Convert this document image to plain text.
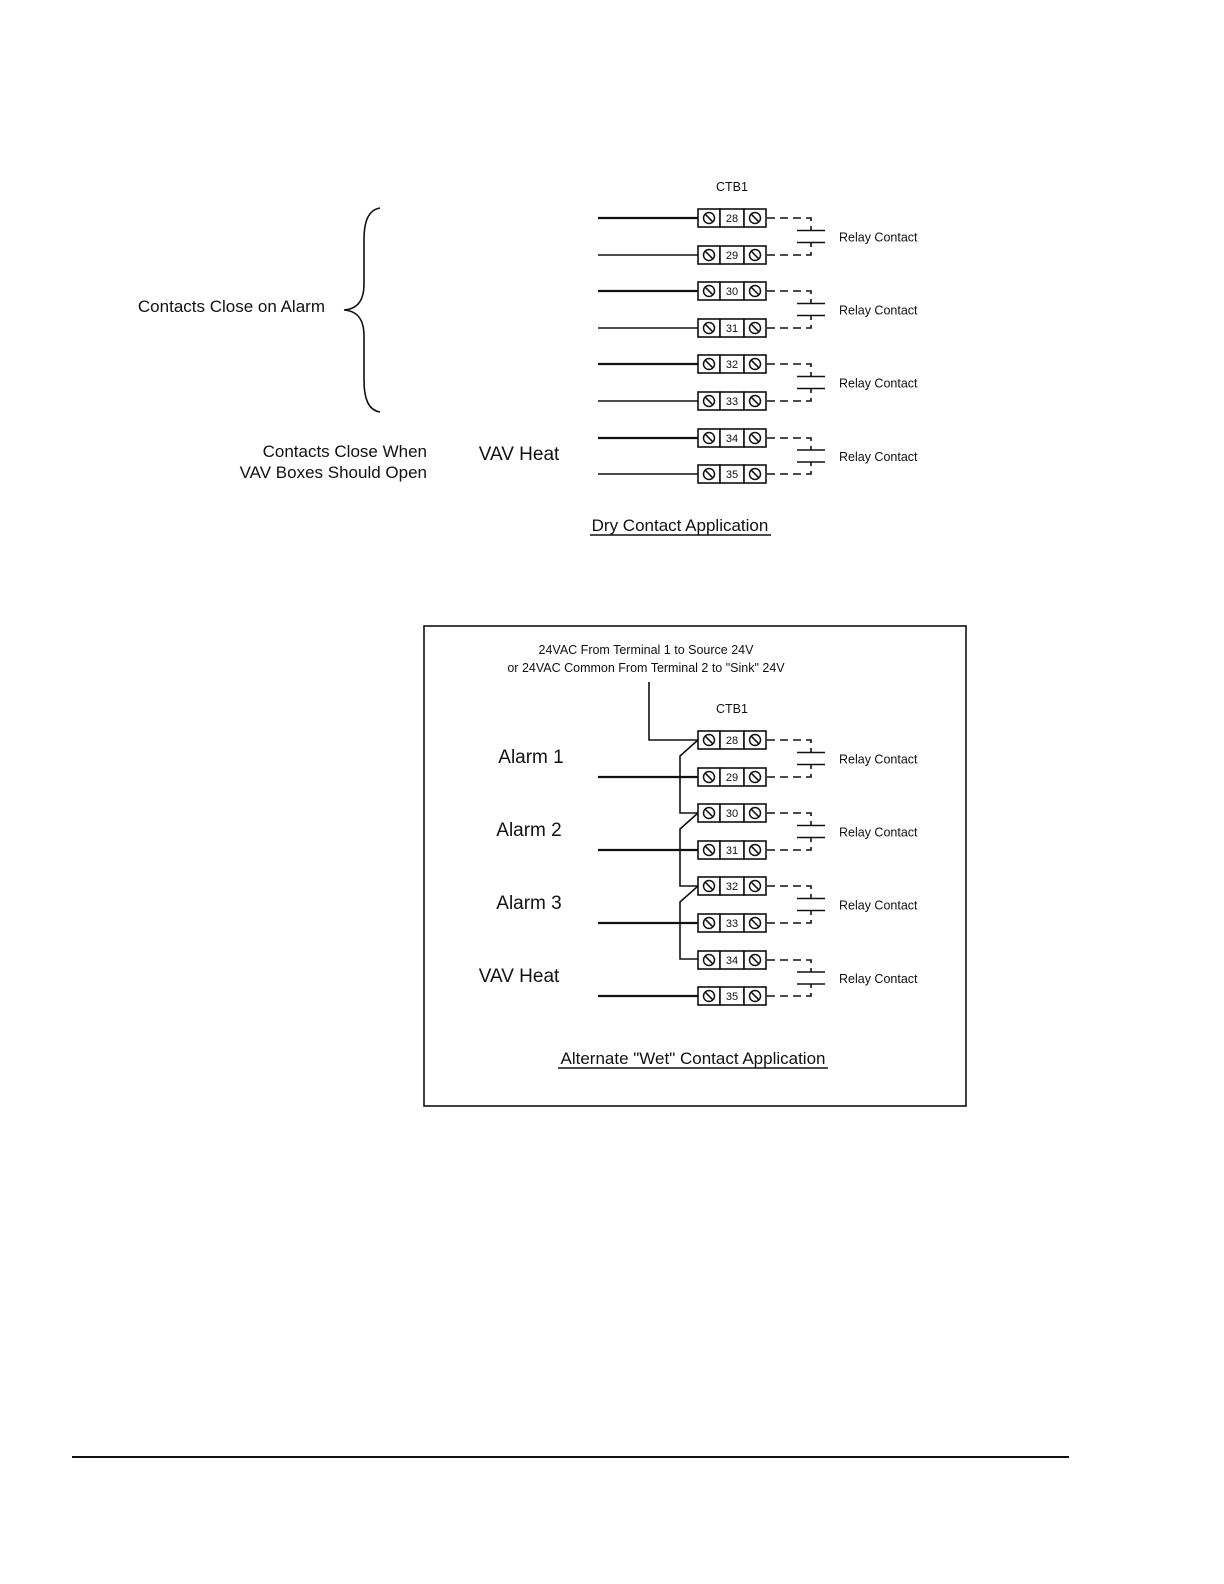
CTB1
Contacts Close on Alarm
Contacts Close When
VAV Boxes Should Open
VAV Heat
28
29
30
31
32
33
34
35
Relay Contact
Relay Contact
Relay Contact
Relay Contact
Dry Contact Application
24VAC From Terminal 1 to Source 24V
or 24VAC Common From Terminal 2 to "Sink" 24V
CTB1
28
29
30
31
32
33
34
35
Relay Contact
Relay Contact
Relay Contact
Relay Contact
Alarm 1
Alarm 2
Alarm 3
VAV Heat
Alternate "Wet" Contact Application
